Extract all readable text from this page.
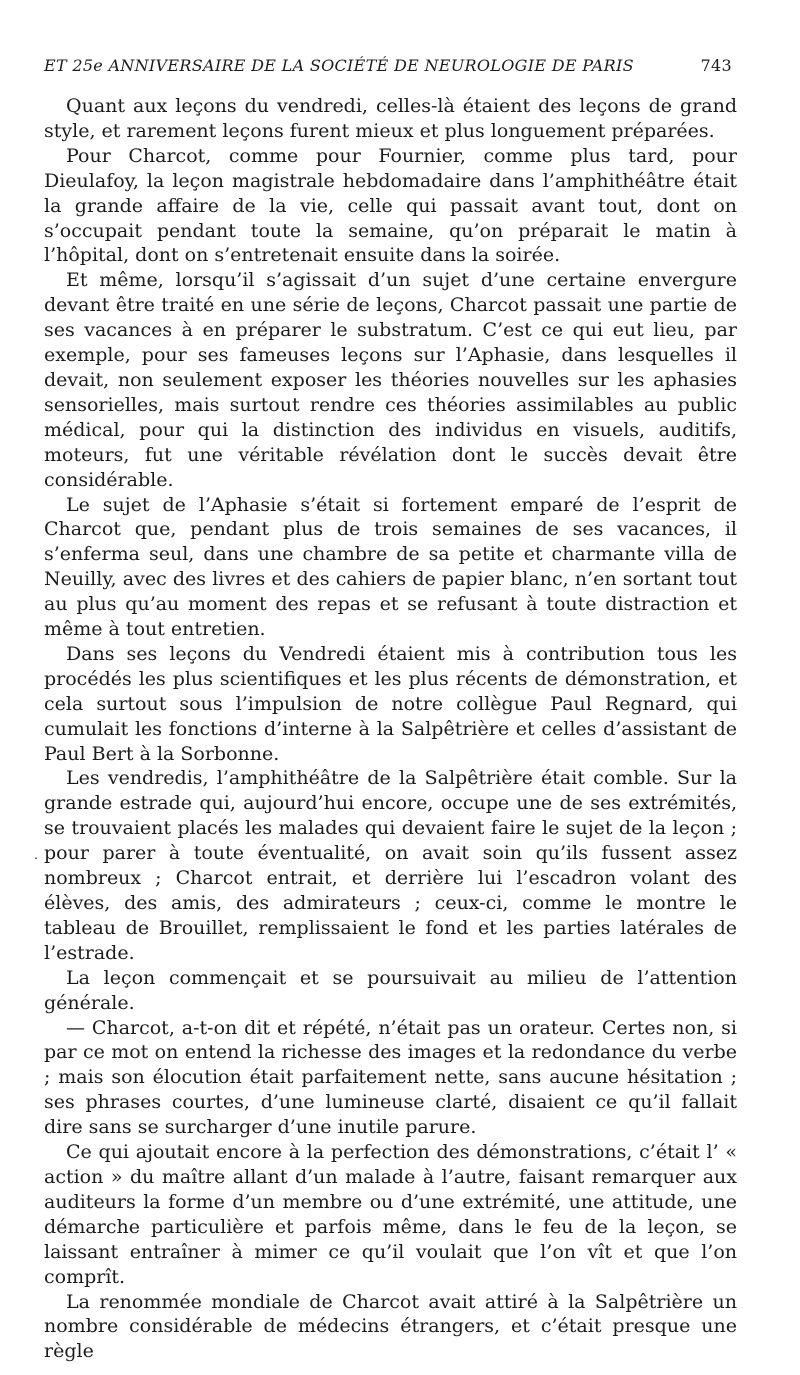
ET 25e ANNIVERSAIRE DE LA SOCIÉTÉ DE NEUROLOGIE DE PARIS	743
.

Quant aux leçons du vendredi, celles-là étaient des leçons de grand style, et rarement leçons furent mieux et plus longuement préparées.

Pour Charcot, comme pour Fournier, comme plus tard, pour Dieulafoy, la leçon magistrale hebdomadaire dans l’amphithéâtre était la grande affaire de la vie, celle qui passait avant tout, dont on s’occupait pendant toute la semaine, qu’on préparait le matin à l’hôpital, dont on s’entretenait ensuite dans la soirée.

Et même, lorsqu’il s’agissait d’un sujet d’une certaine envergure devant être traité en une série de leçons, Charcot passait une partie de ses vacances à en préparer le substratum. C’est ce qui eut lieu, par exemple, pour ses fameuses leçons sur l’Aphasie, dans lesquelles il devait, non seulement exposer les théories nouvelles sur les aphasies sensorielles, mais surtout rendre ces théories assimilables au public médical, pour qui la distinction des individus en visuels, auditifs, moteurs, fut une véritable révélation dont le succès devait être considérable.

Le sujet de l’Aphasie s’était si fortement emparé de l’esprit de Charcot que, pendant plus de trois semaines de ses vacances, il s’enferma seul, dans une chambre de sa petite et charmante villa de Neuilly, avec des livres et des cahiers de papier blanc, n’en sortant tout au plus qu’au moment des repas et se refusant à toute distraction et même à tout entretien.

Dans ses leçons du Vendredi étaient mis à contribution tous les procédés les plus scientifiques et les plus récents de démonstration, et cela surtout sous l’impulsion de notre collègue Paul Regnard, qui cumulait les fonctions d’interne à la Salpêtrière et celles d’assistant de Paul Bert à la Sorbonne.

Les vendredis, l’amphithéâtre de la Salpêtrière était comble. Sur la grande estrade qui, aujourd’hui encore, occupe une de ses extrémités, se trouvaient placés les malades qui devaient faire le sujet de la leçon ; pour parer à toute éventualité, on avait soin qu’ils fussent assez nombreux ; Charcot entrait, et derrière lui l’escadron volant des élèves, des amis, des admirateurs ; ceux-ci, comme le montre le tableau de Brouillet, remplissaient le fond et les parties latérales de l’estrade.

La leçon commençait et se poursuivait au milieu de l’attention générale.

— Charcot, a-t-on dit et répété, n’était pas un orateur. Certes non, si par ce mot on entend la richesse des images et la redondance du verbe ; mais son élocution était parfaitement nette, sans aucune hésitation ; ses phrases courtes, d’une lumineuse clarté, disaient ce qu’il fallait dire sans se surcharger d’une inutile parure.

Ce qui ajoutait encore à la perfection des démonstrations, c’était l’ « action » du maître allant d’un malade à l’autre, faisant remarquer aux auditeurs la forme d’un membre ou d’une extrémité, une attitude, une démarche particulière et parfois même, dans le feu de la leçon, se laissant entraîner à mimer ce qu’il voulait que l’on vît et que l’on comprît.

La renommée mondiale de Charcot avait attiré à la Salpêtrière un nombre considérable de médecins étrangers, et c’était presque une règle
